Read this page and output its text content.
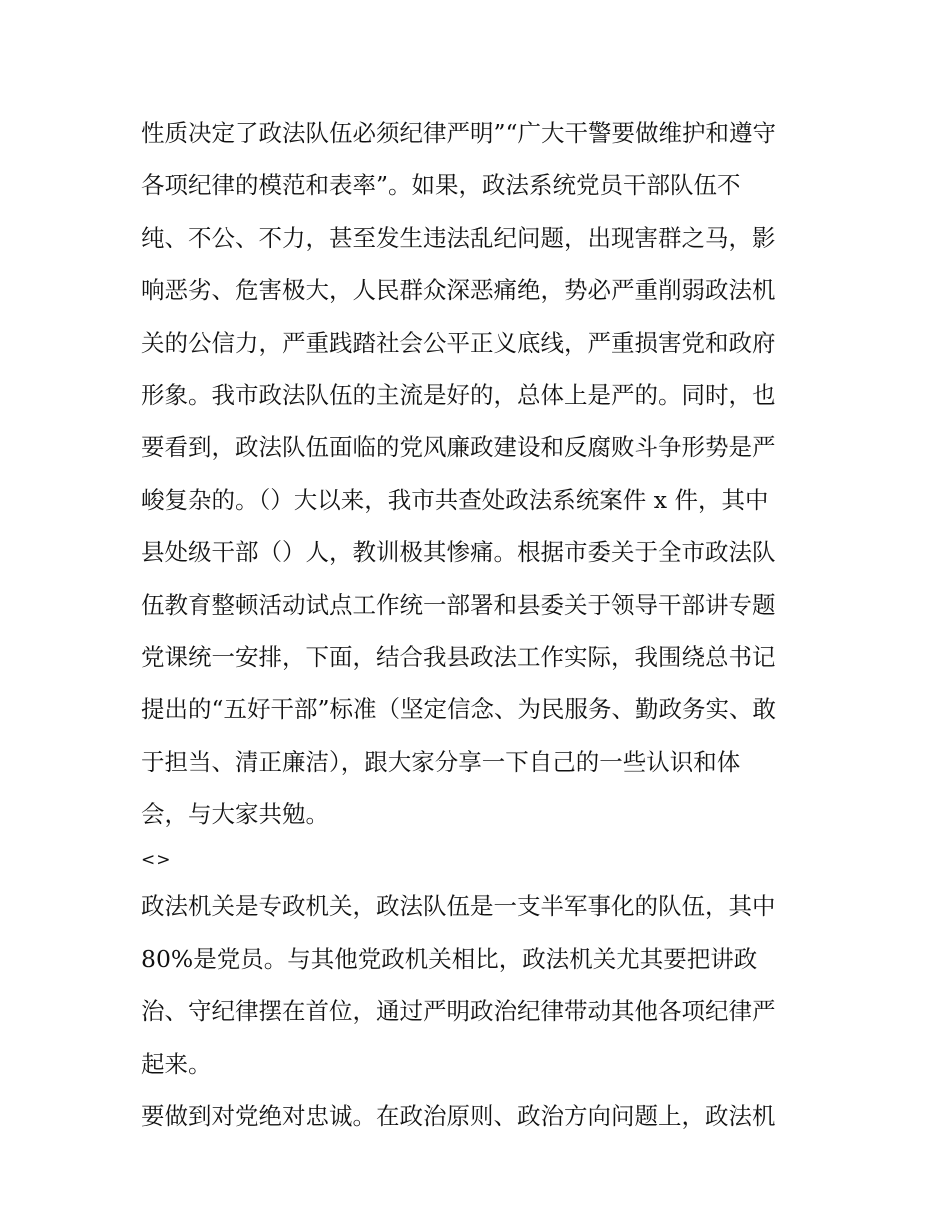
性质决定了政法队伍必须纪律严明”“广大干警要做维护和遵守
各项纪律的模范和表率”。如果，政法系统党员干部队伍不
纯、不公、不力，甚至发生违法乱纪问题，出现害群之马，影
响恶劣、危害极大，人民群众深恶痛绝，势必严重削弱政法机
关的公信力，严重践踏社会公平正义底线，严重损害党和政府
形象。我市政法队伍的主流是好的，总体上是严的。同时，也
要看到，政法队伍面临的党风廉政建设和反腐败斗争形势是严
峻复杂的。（）大以来，我市共查处政法系统案件 x 件，其中
县处级干部（）人，教训极其惨痛。根据市委关于全市政法队
伍教育整顿活动试点工作统一部署和县委关于领导干部讲专题
党课统一安排，下面，结合我县政法工作实际，我围绕总书记
提出的“五好干部”标准（坚定信念、为民服务、勤政务实、敢
于担当、清正廉洁），跟大家分享一下自己的一些认识和体
会，与大家共勉。
<>
政法机关是专政机关，政法队伍是一支半军事化的队伍，其中
80%是党员。与其他党政机关相比，政法机关尤其要把讲政
治、守纪律摆在首位，通过严明政治纪律带动其他各项纪律严
起来。
要做到对党绝对忠诚。在政治原则、政治方向问题上，政法机
